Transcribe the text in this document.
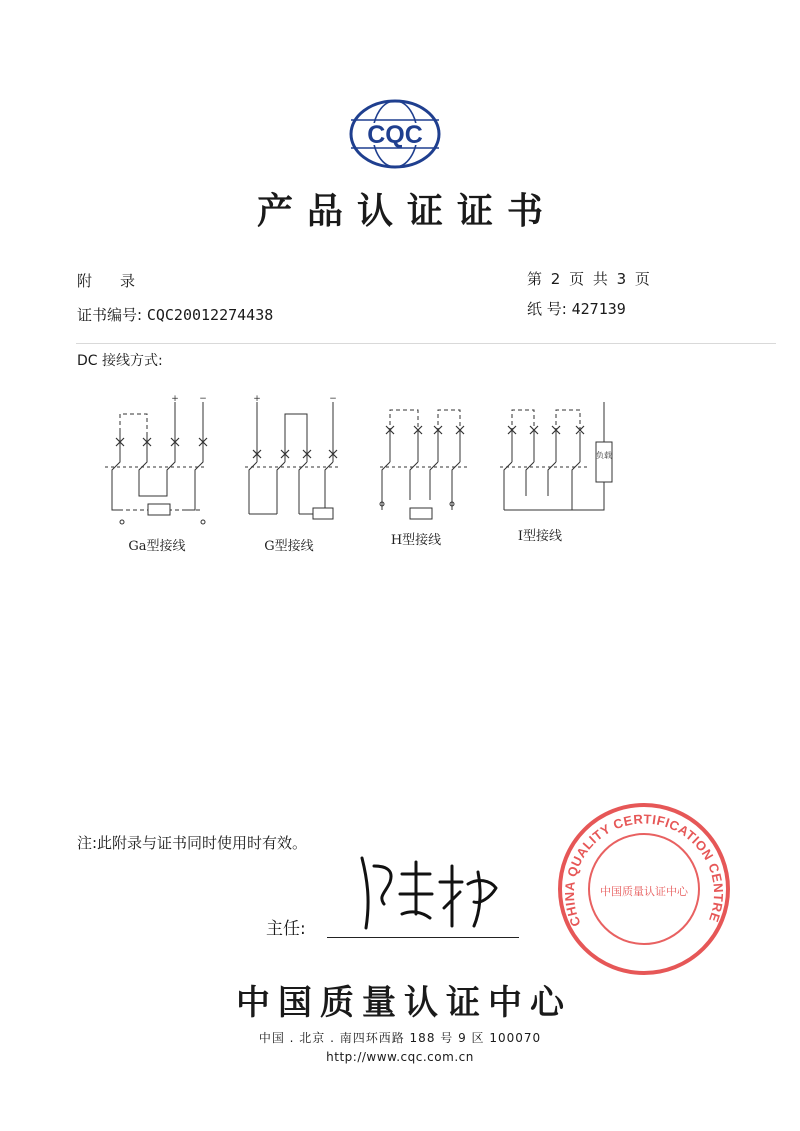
CQC
产品认证证书
附录
证书编号: CQC20012274438
第 2 页 共 3 页
纸 号: 427139
DC 接线方式:
+ −
Ga型接线
+	−
G型接线	H型接线
负载
I型接线
注:此附录与证书同时使用时有效。
主任:	CHINA QUALITY CERTIFICATION CENTRE
中国质量认证中心
中国质量认证中心
中国 . 北京 . 南四环西路 188 号 9 区 100070
http://www.cqc.com.cn
